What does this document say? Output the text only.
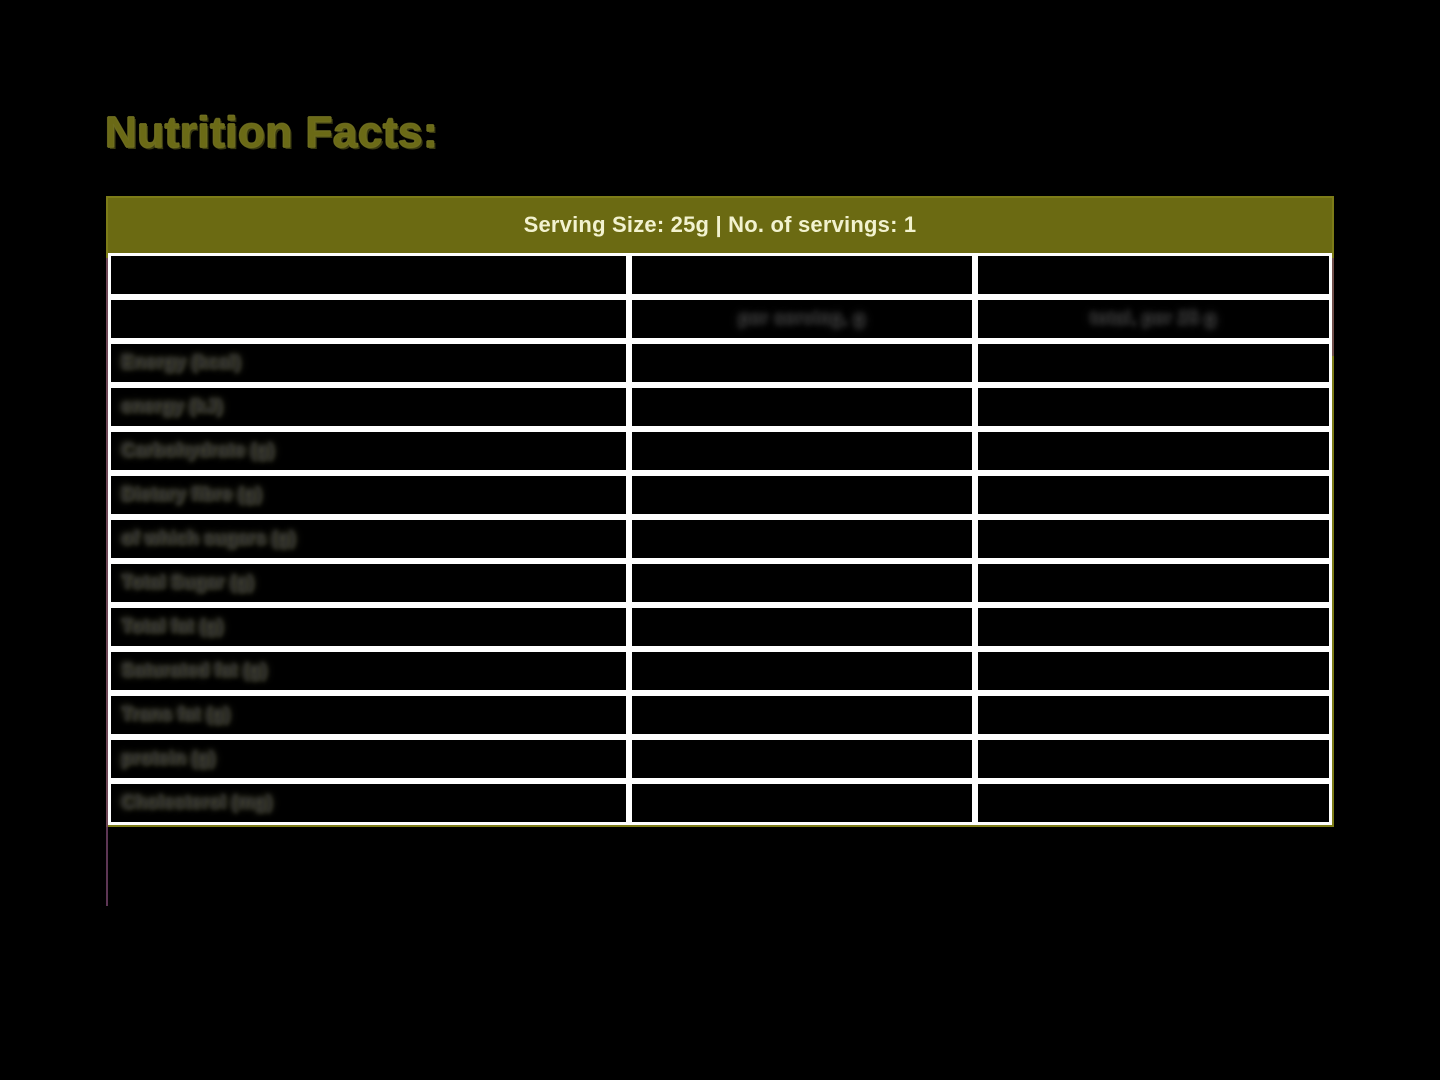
Nutrition Facts:
Serving Size: 25g | No. of servings: 1

	per serving, g	total, per 25 g
Energy (kcal)		
energy (kJ)		
Carbohydrate (g)		
Dietary fibre (g)		
of which sugars (g)		
Total Sugar (g)		
Total fat (g)		
Saturated fat (g)		
Trans fat (g)		
protein (g)		
Cholesterol (mg)		
